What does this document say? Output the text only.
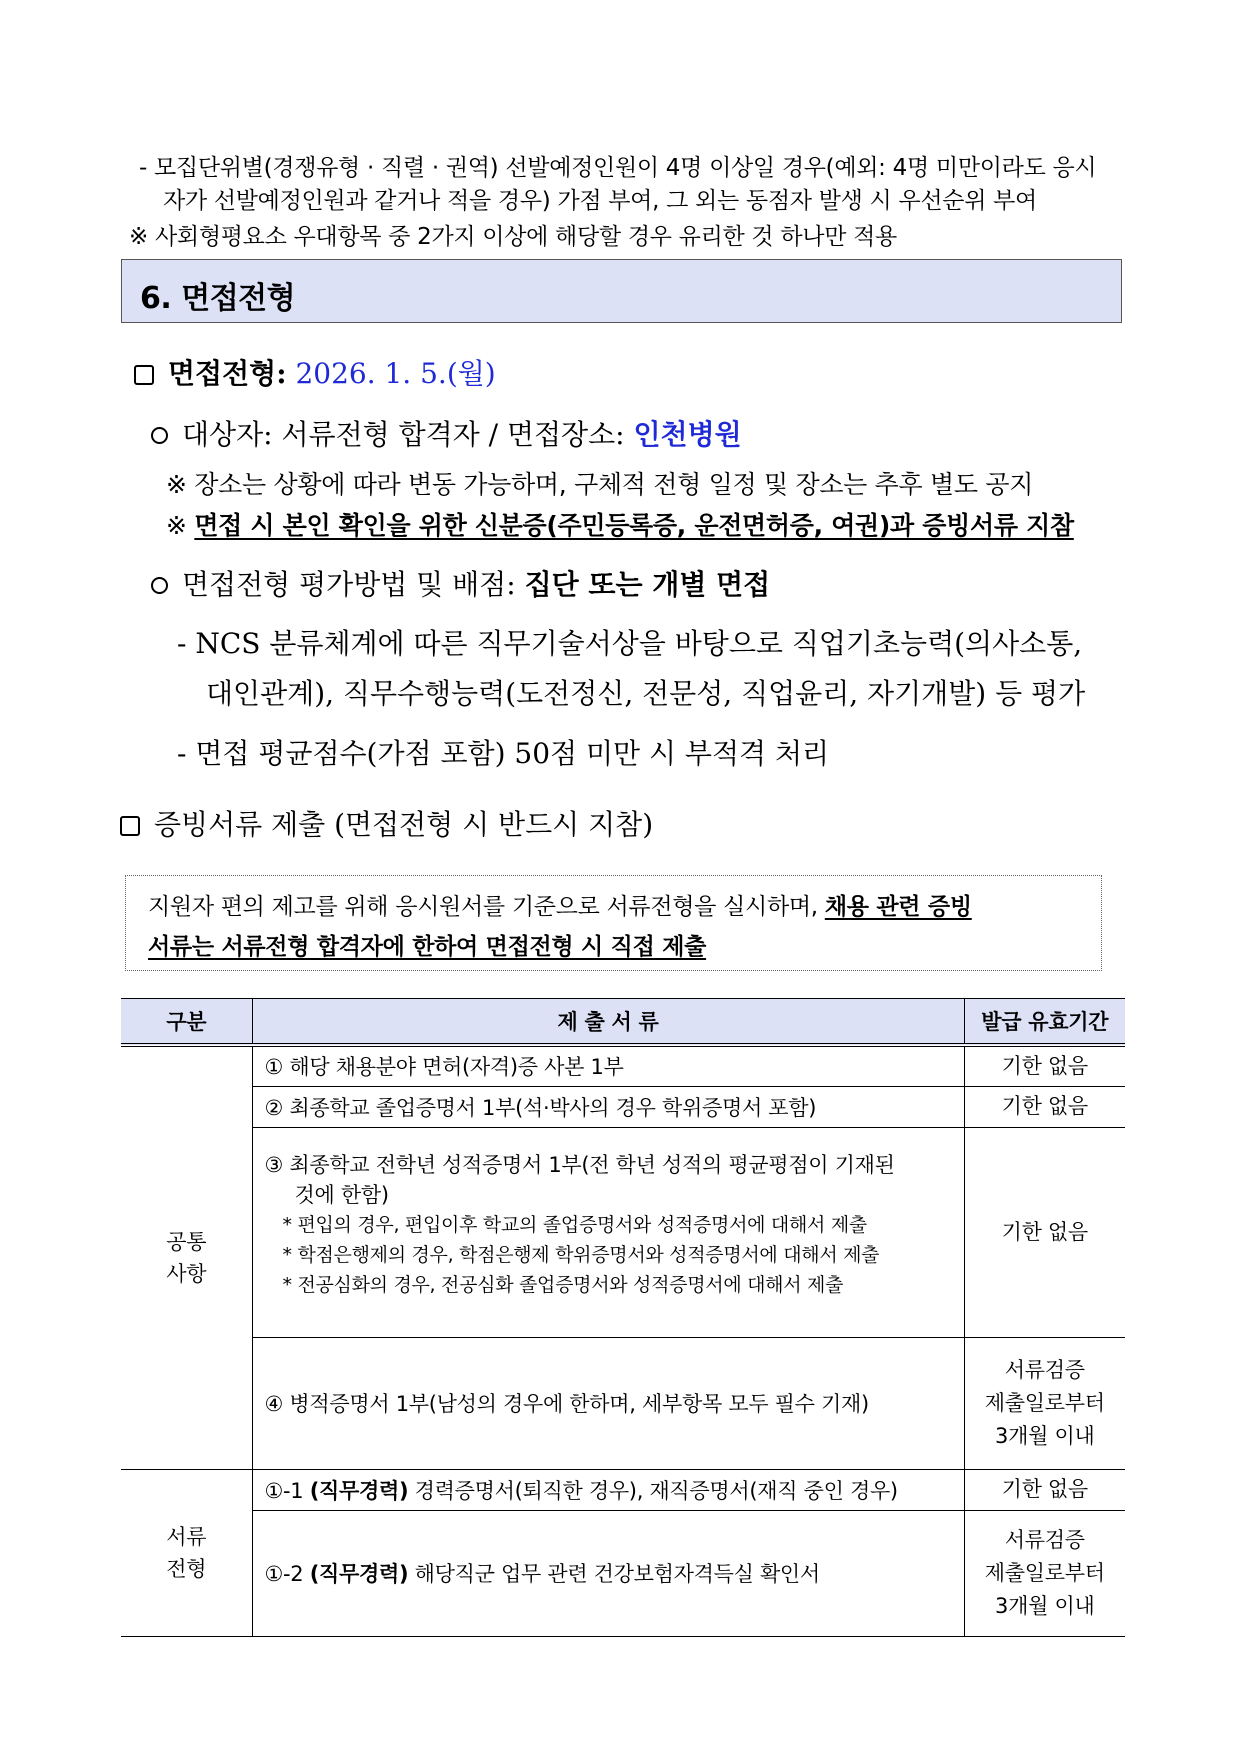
- 모집단위별(경쟁유형 · 직렬 · 권역) 선발예정인원이 4명 이상일 경우(예외: 4명 미만이라도 응시
자가 선발예정인원과 같거나 적을 경우) 가점 부여, 그 외는 동점자 발생 시 우선순위 부여
※ 사회형평요소 우대항목 중 2가지 이상에 해당할 경우 유리한 것 하나만 적용
6. 면접전형
면접전형: 2026. 1. 5.(월)
대상자: 서류전형 합격자 / 면접장소: 인천병원
※ 장소는 상황에 따라 변동 가능하며, 구체적 전형 일정 및 장소는 추후 별도 공지
※ 면접 시 본인 확인을 위한 신분증(주민등록증, 운전면허증, 여권)과 증빙서류 지참
면접전형 평가방법 및 배점: 집단 또는 개별 면접
- NCS 분류체계에 따른 직무기술서상을 바탕으로 직업기초능력(의사소통,
대인관계), 직무수행능력(도전정신, 전문성, 직업윤리, 자기개발) 등 평가
- 면접 평균점수(가점 포함) 50점 미만 시 부적격 처리
증빙서류 제출 (면접전형 시 반드시 지참)
지원자 편의 제고를 위해 응시원서를 기준으로 서류전형을 실시하며, 채용 관련 증빙
서류는 서류전형 합격자에 한하여 면접전형 시 직접 제출
구분	제 출 서 류	발급 유효기간

공통
사항	① 해당 채용분야 면허(자격)증 사본 1부	기한 없음
	② 최종학교 졸업증명서 1부(석·박사의 경우 학위증명서 포함)	기한 없음

	③ 최종학교 전학년 성적증명서 1부(전 학년 성적의 평균평점이 기재된
것에 한함)
* 편입의 경우, 편입이후 학교의 졸업증명서와 성적증명서에 대해서 제출
* 학점은행제의 경우, 학점은행제 학위증명서와 성적증명서에 대해서 제출
* 전공심화의 경우, 전공심화 졸업증명서와 성적증명서에 대해서 제출	기한 없음
	④ 병적증명서 1부(남성의 경우에 한하며, 세부항목 모두 필수 기재)	서류검증
제출일로부터
3개월 이내

서류
전형	①-1 (직무경력) 경력증명서(퇴직한 경우), 재직증명서(재직 중인 경우)	기한 없음
	①-2 (직무경력) 해당직군 업무 관련 건강보험자격득실 확인서	서류검증
제출일로부터
3개월 이내
